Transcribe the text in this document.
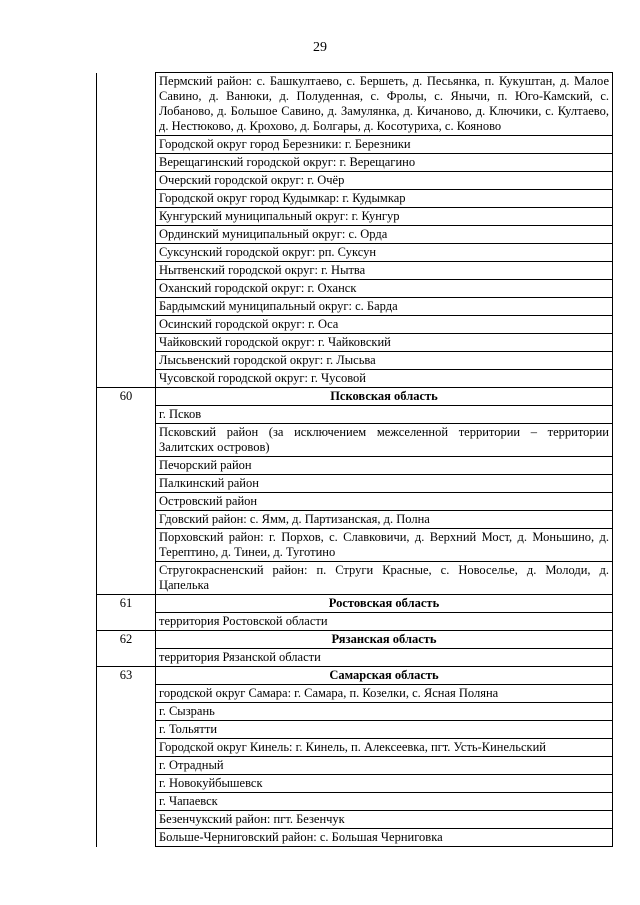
29
	Пермский район: с. Башкултаево, с. Бершеть, д. Песьянка, п. Кукуштан, д. Малое Савино, д. Ванюки, д. Полуденная, с. Фролы, с. Янычи, п. Юго-Камский, с. Лобаново, д. Большое Савино, д. Замулянка, д. Кичаново, д. Ключики, с. Култаево, д. Нестюково, д. Крохово, д. Болгары, д. Косотуриха, с. Кояново
	Городской округ город Березники: г. Березники
	Верещагинский городской округ: г. Верещагино
	Очерский городской округ: г. Очёр
	Городской округ город Кудымкар: г. Кудымкар
	Кунгурский муниципальный округ: г. Кунгур
	Ординский муниципальный округ: с. Орда
	Суксунский городской округ: рп. Суксун
	Нытвенский городской округ: г. Нытва
	Оханский городской округ: г. Оханск
	Бардымский муниципальный округ: с. Барда
	Осинский городской округ: г. Оса
	Чайковский городской округ: г. Чайковский
	Лысьвенский городской округ: г. Лысьва
	Чусовской городской округ: г. Чусовой
60	Псковская область
	г. Псков
	Псковский район (за исключением межселенной территории – территории Залитских островов)
	Печорский район
	Палкинский район
	Островский район
	Гдовский район: с. Ямм, д. Партизанская, д. Полна
	Порховский район: г. Порхов, с. Славковичи, д. Верхний Мост, д. Моньшино, д. Терептино, д. Тинеи, д. Туготино
	Стругокрасненский район: п. Струги Красные, с. Новоселье, д. Молоди, д. Цапелька
61	Ростовская область
	территория Ростовской области
62	Рязанская область
	территория Рязанской области
63	Самарская область
	городской округ Самара: г. Самара, п. Козелки, с. Ясная Поляна
	г. Сызрань
	г. Тольятти
	Городской округ Кинель: г. Кинель, п. Алексеевка, пгт. Усть-Кинельский
	г. Отрадный
	г. Новокуйбышевск
	г. Чапаевск
	Безенчукский район: пгт. Безенчук
	Больше-Черниговский район: с. Большая Черниговка
